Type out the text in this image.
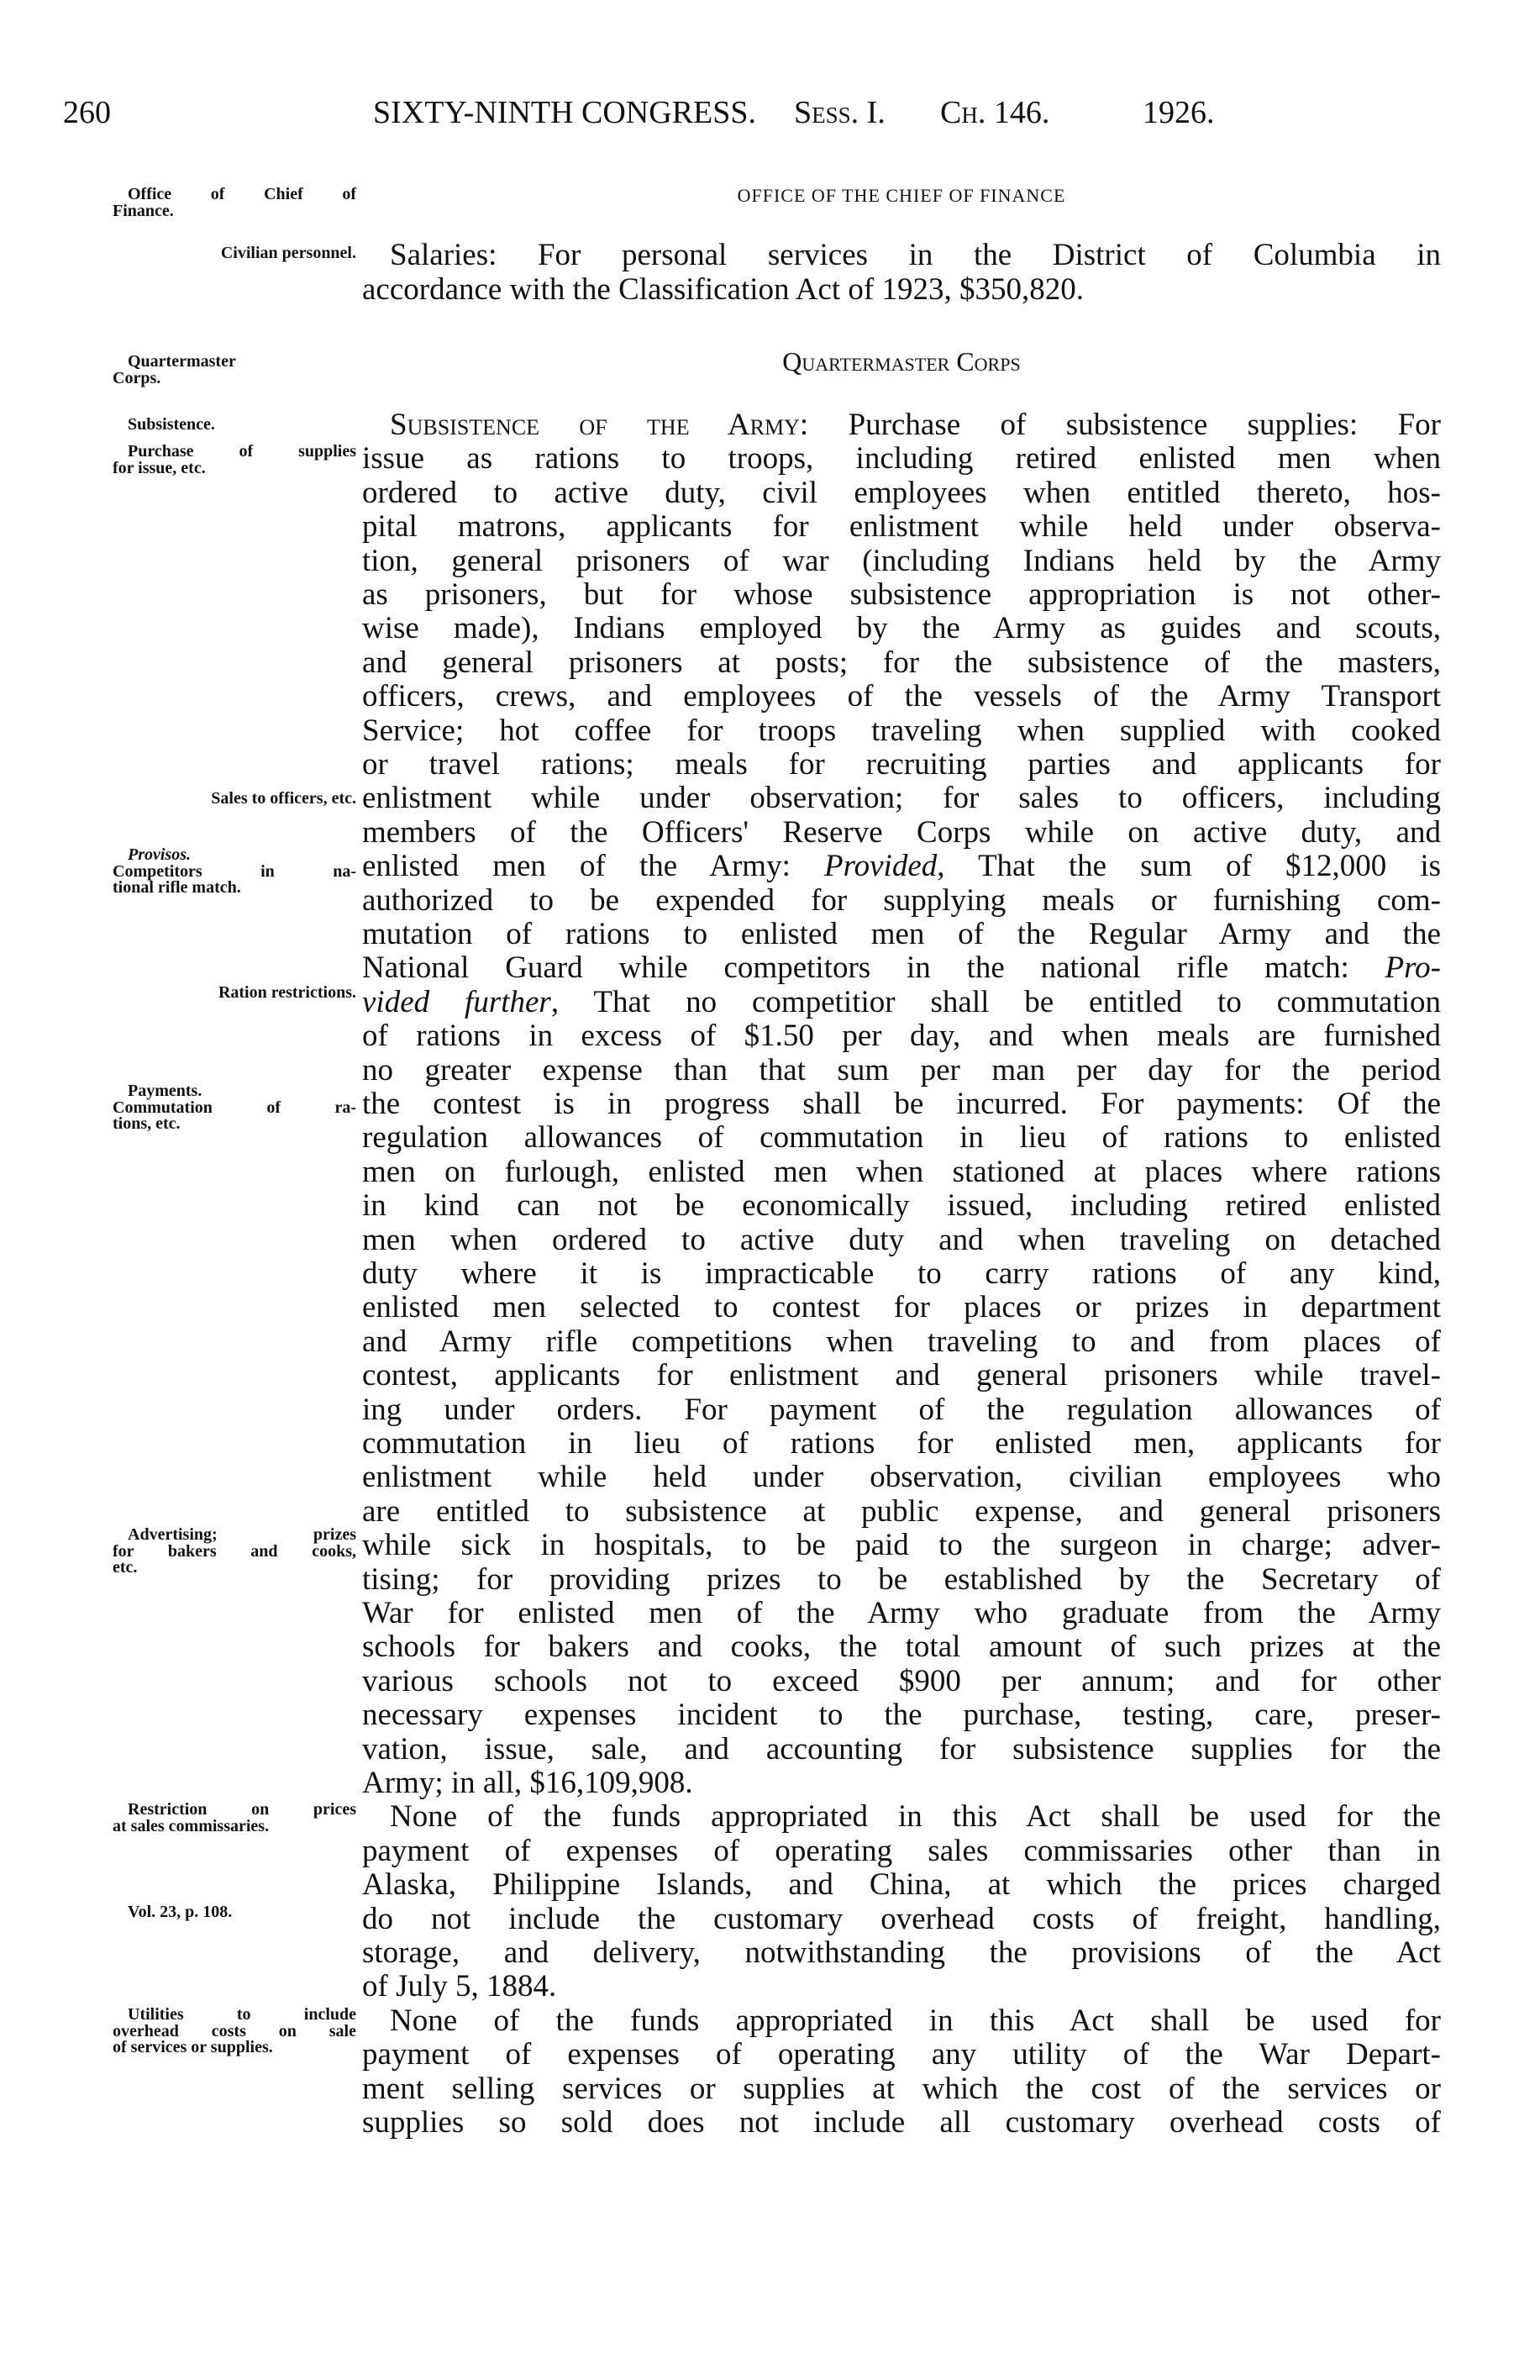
260	SIXTY-NINTH CONGRESS. Sess. I. Ch. 146.	1926.
OFFICE OF THE CHIEF OF FINANCE
Salaries: For personal services in the District of Columbia in
accordance with the Classification Act of 1923, $350,820.
Quartermaster Corps
Subsistence of the Army: Purchase of subsistence supplies: For
issue as rations to troops, including retired enlisted men when
ordered to active duty, civil employees when entitled thereto, hos-
pital matrons, applicants for enlistment while held under observa-
tion, general prisoners of war (including Indians held by the Army
as prisoners, but for whose subsistence appropriation is not other-
wise made), Indians employed by the Army as guides and scouts,
and general prisoners at posts; for the subsistence of the masters,
officers, crews, and employees of the vessels of the Army Transport
Service; hot coffee for troops traveling when supplied with cooked
or travel rations; meals for recruiting parties and applicants for
enlistment while under observation; for sales to officers, including
members of the Officers' Reserve Corps while on active duty, and
enlisted men of the Army: Provided, That the sum of $12,000 is
authorized to be expended for supplying meals or furnishing com-
mutation of rations to enlisted men of the Regular Army and the
National Guard while competitors in the national rifle match: Pro-
vided further, That no competitior shall be entitled to commutation
of rations in excess of $1.50 per day, and when meals are furnished
no greater expense than that sum per man per day for the period
the contest is in progress shall be incurred. For payments: Of the
regulation allowances of commutation in lieu of rations to enlisted
men on furlough, enlisted men when stationed at places where rations
in kind can not be economically issued, including retired enlisted
men when ordered to active duty and when traveling on detached
duty where it is impracticable to carry rations of any kind,
enlisted men selected to contest for places or prizes in department
and Army rifle competitions when traveling to and from places of
contest, applicants for enlistment and general prisoners while travel-
ing under orders. For payment of the regulation allowances of
commutation in lieu of rations for enlisted men, applicants for
enlistment while held under observation, civilian employees who
are entitled to subsistence at public expense, and general prisoners
while sick in hospitals, to be paid to the surgeon in charge; adver-
tising; for providing prizes to be established by the Secretary of
War for enlisted men of the Army who graduate from the Army
schools for bakers and cooks, the total amount of such prizes at the
various schools not to exceed $900 per annum; and for other
necessary expenses incident to the purchase, testing, care, preser-
vation, issue, sale, and accounting for subsistence supplies for the
Army; in all, $16,109,908.
None of the funds appropriated in this Act shall be used for the
payment of expenses of operating sales commissaries other than in
Alaska, Philippine Islands, and China, at which the prices charged
do not include the customary overhead costs of freight, handling,
storage, and delivery, notwithstanding the provisions of the Act
of July 5, 1884.
None of the funds appropriated in this Act shall be used for
payment of expenses of operating any utility of the War Depart-
ment selling services or supplies at which the cost of the services or
supplies so sold does not include all customary overhead costs of
Office of Chief of
Finance.
Civilian personnel.
Quartermaster
Corps.
Subsistence.
Purchase of supplies
for issue, etc.
Sales to officers, etc.
Provisos.
Competitors in na-
tional rifle match.
Ration restrictions.
Payments.
Commutation of ra-
tions, etc.
Advertising; prizes
for bakers and cooks,
etc.
Restriction on prices
at sales commissaries.
Vol. 23, p. 108.
Utilities to include
overhead costs on sale
of services or supplies.
